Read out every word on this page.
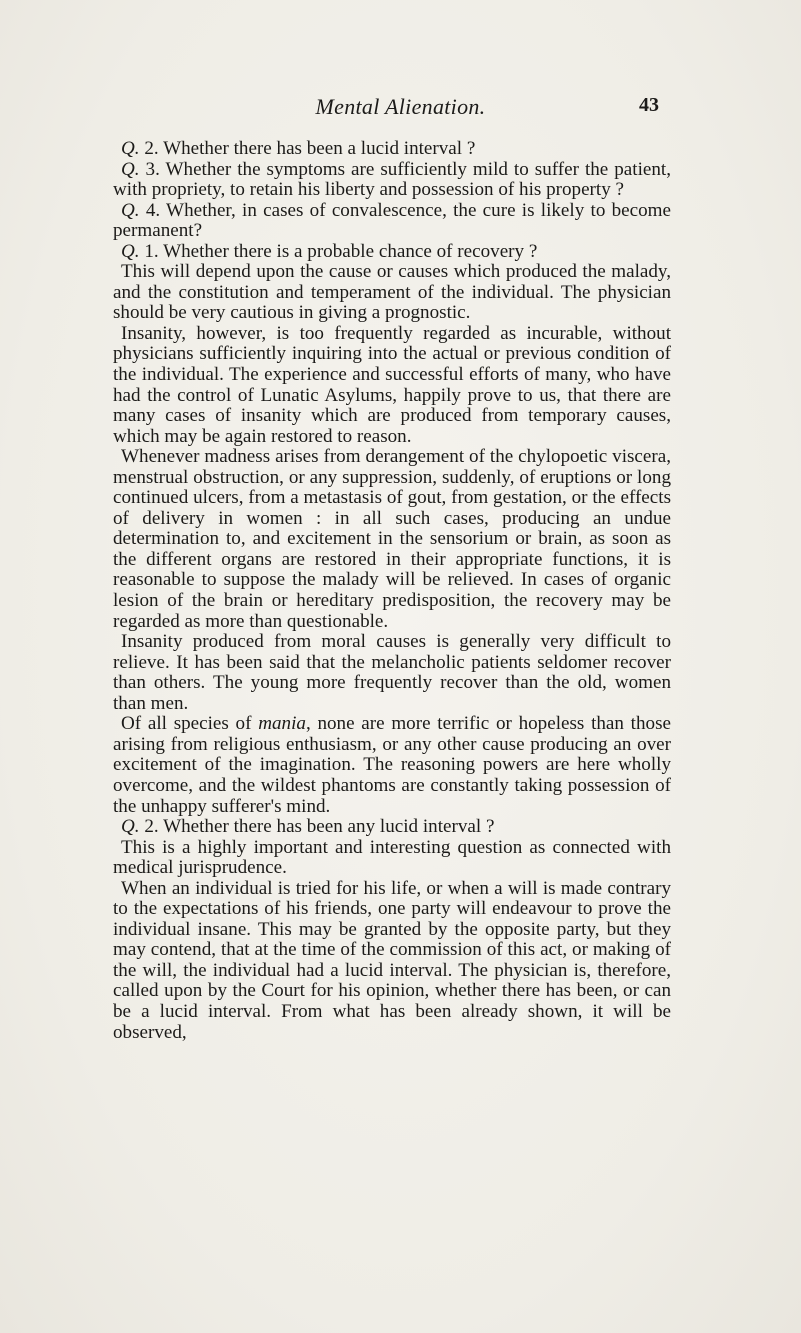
Mental Alienation.	43

Q. 2. Whether there has been a lucid interval ?

Q. 3. Whether the symptoms are sufficiently mild to suffer the patient, with propriety, to retain his liberty and possession of his property ?

Q. 4. Whether, in cases of convalescence, the cure is likely to become permanent?

Q. 1. Whether there is a probable chance of recovery ?

This will depend upon the cause or causes which produced the malady, and the constitution and temperament of the individual. The physician should be very cautious in giving a prognostic.

Insanity, however, is too frequently regarded as incurable, without physicians sufficiently inquiring into the actual or previous condition of the individual. The experience and successful efforts of many, who have had the control of Lunatic Asylums, happily prove to us, that there are many cases of insanity which are produced from temporary causes, which may be again restored to reason.

Whenever madness arises from derangement of the chylopoetic viscera, menstrual obstruction, or any suppression, suddenly, of eruptions or long continued ulcers, from a metastasis of gout, from gestation, or the effects of delivery in women : in all such cases, producing an undue determination to, and excitement in the sensorium or brain, as soon as the different organs are restored in their appropriate functions, it is reasonable to suppose the malady will be relieved. In cases of organic lesion of the brain or hereditary predisposition, the recovery may be regarded as more than questionable.

Insanity produced from moral causes is generally very difficult to relieve. It has been said that the melancholic patients seldomer recover than others. The young more frequently recover than the old, women than men.

Of all species of mania, none are more terrific or hopeless than those arising from religious enthusiasm, or any other cause producing an over excitement of the imagination. The reasoning powers are here wholly overcome, and the wildest phantoms are constantly taking possession of the unhappy sufferer's mind.

Q. 2. Whether there has been any lucid interval ?

This is a highly important and interesting question as connected with medical jurisprudence.

When an individual is tried for his life, or when a will is made contrary to the expectations of his friends, one party will endeavour to prove the individual insane. This may be granted by the opposite party, but they may contend, that at the time of the commission of this act, or making of the will, the individual had a lucid interval. The physician is, therefore, called upon by the Court for his opinion, whether there has been, or can be a lucid interval. From what has been already shown, it will be observed,
